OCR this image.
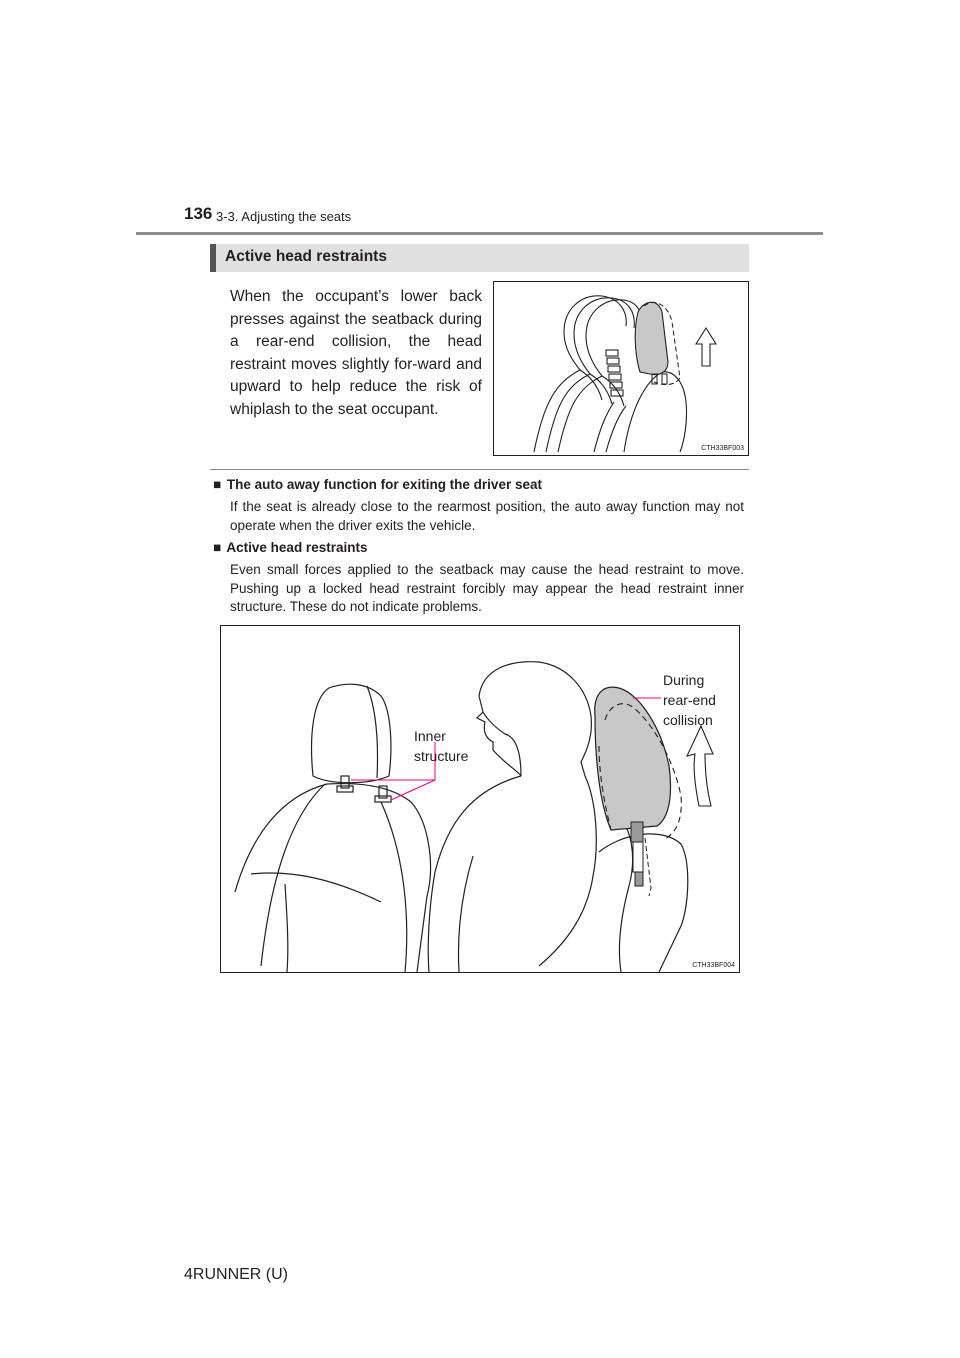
136 3-3. Adjusting the seats
Active head restraints
When the occupant’s lower back presses against the seatback during a rear-end collision, the head restraint moves slightly for-ward and upward to help reduce the risk of whiplash to the seat occupant.
CTH33BF003
■ The auto away function for exiting the driver seat
If the seat is already close to the rearmost position, the auto away function may not operate when the driver exits the vehicle.
■ Active head restraints
Even small forces applied to the seatback may cause the head restraint to move. Pushing up a locked head restraint forcibly may appear the head restraint inner structure. These do not indicate problems.
Inner
structure
During
rear-end
collision
CTH33BF004
4RUNNER (U)
